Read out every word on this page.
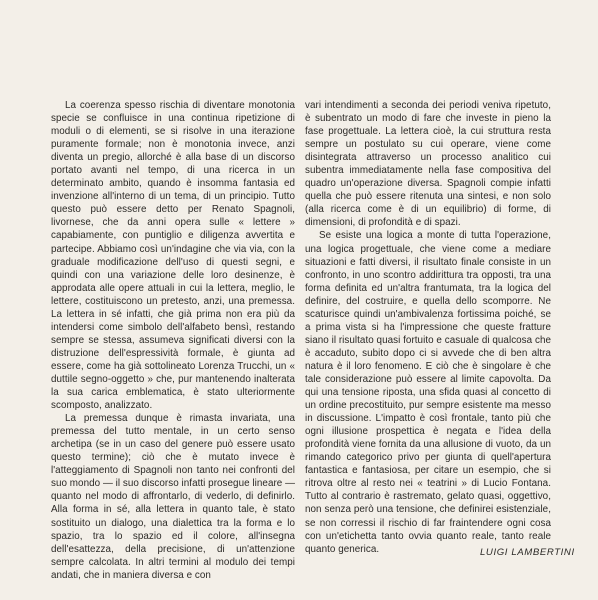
La coerenza spesso rischia di diventare monotonia specie se confluisce in una continua ripetizione di moduli o di elementi, se si risolve in una iterazione puramente formale; non è monotonia invece, anzi diventa un pregio, allorché è alla base di un discorso portato avanti nel tempo, di una ricerca in un determinato ambito, quando è insomma fantasia ed invenzione all'interno di un tema, di un principio. Tutto questo può essere detto per Renato Spagnoli, livornese, che da anni opera sulle « lettere » capabiamente, con puntiglio e diligenza avvertita e partecipe. Abbiamo così un'indagine che via via, con la graduale modificazione dell'uso di questi segni, e quindi con una variazione delle loro desinenze, è approdata alle opere attuali in cui la lettera, meglio, le lettere, costituiscono un pretesto, anzi, una premessa. La lettera in sé infatti, che già prima non era più da intendersi come simbolo dell'alfabeto bensì, restando sempre se stessa, assumeva significati diversi con la distruzione dell'espressività formale, è giunta ad essere, come ha già sottolineato Lorenza Trucchi, un « duttile segno-oggetto » che, pur mantenendo inalterata la sua carica emblematica, è stato ulteriormente scomposto, analizzato.

La premessa dunque è rimasta invariata, una premessa del tutto mentale, in un certo senso archetipa (se in un caso del genere può essere usato questo termine); ciò che è mutato invece è l'atteggiamento di Spagnoli non tanto nei confronti del suo mondo — il suo discorso infatti prosegue lineare — quanto nel modo di affrontarlo, di vederlo, di definirlo. Alla forma in sé, alla lettera in quanto tale, è stato sostituito un dialogo, una dialettica tra la forma e lo spazio, tra lo spazio ed il colore, all'insegna dell'esattezza, della precisione, di un'attenzione sempre calcolata. In altri termini al modulo dei tempi andati, che in maniera diversa e con

vari intendimenti a seconda dei periodi veniva ripetuto, è subentrato un modo di fare che investe in pieno la fase progettuale. La lettera cioè, la cui struttura resta sempre un postulato su cui operare, viene come disintegrata attraverso un processo analitico cui subentra immediatamente nella fase compositiva del quadro un'operazione diversa. Spagnoli compie infatti quella che può essere ritenuta una sintesi, e non solo (alla ricerca come è di un equilibrio) di forme, di dimensioni, di profondità e di spazi.

Se esiste una logica a monte di tutta l'operazione, una logica progettuale, che viene come a mediare situazioni e fatti diversi, il risultato finale consiste in un confronto, in uno scontro addirittura tra opposti, tra una forma definita ed un'altra frantumata, tra la logica del definire, del costruire, e quella dello scomporre. Ne scaturisce quindi un'ambivalenza fortissima poiché, se a prima vista si ha l'impressione che queste fratture siano il risultato quasi fortuito e casuale di qualcosa che è accaduto, subito dopo ci si avvede che di ben altra natura è il loro fenomeno. E ciò che è singolare è che tale considerazione può essere al limite capovolta. Da qui una tensione riposta, una sfida quasi al concetto di un ordine precostituito, pur sempre esistente ma messo in discussione. L'impatto è così frontale, tanto più che ogni illusione prospettica è negata e l'idea della profondità viene fornita da una allusione di vuoto, da un rimando categorico privo per giunta di quell'apertura fantastica e fantasiosa, per citare un esempio, che si ritrova oltre al resto nei « teatrini » di Lucio Fontana. Tutto al contrario è rastremato, gelato quasi, oggettivo, non senza però una tensione, che definirei esistenziale, se non corressi il rischio di far fraintendere ogni cosa con un'etichetta tanto ovvia quanto reale, tanto reale quanto generica.	LUIGI LAMBERTINI
